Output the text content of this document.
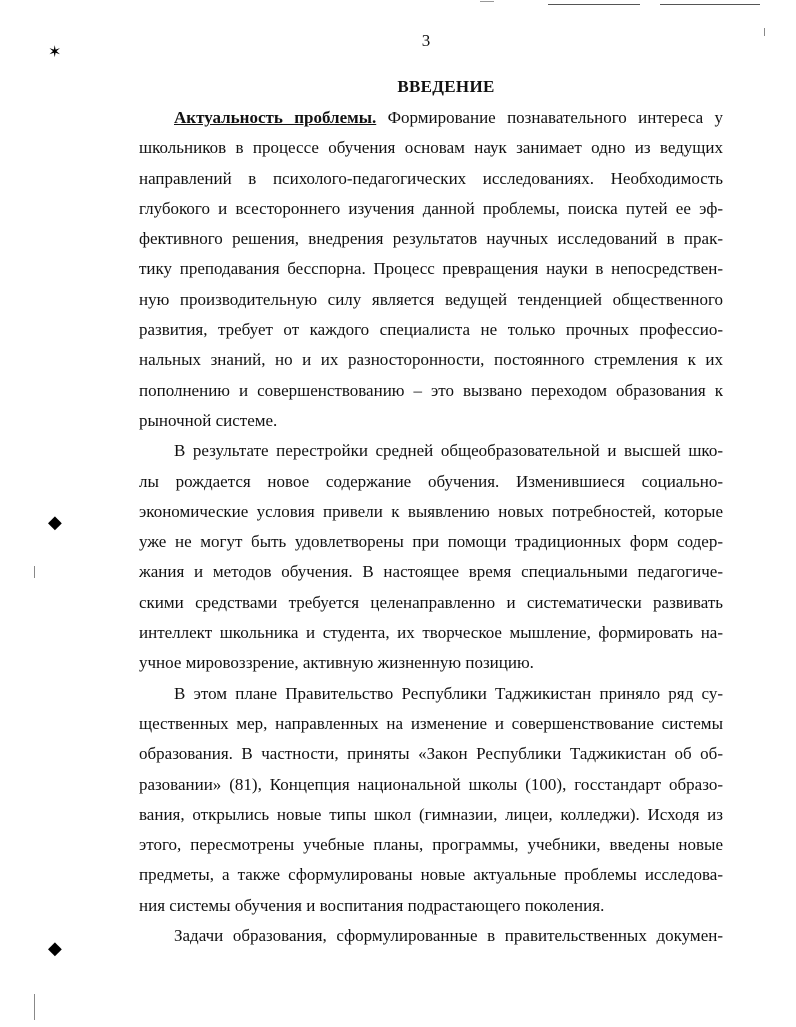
✶
◆
◆
3
ВВЕДЕНИЕ
Актуальность проблемы. Формирование познавательного интереса у
школьников в процессе обучения основам наук занимает одно из ведущих
направлений в психолого-педагогических исследованиях. Необходимость
глубокого и всестороннего изучения данной проблемы, поиска путей ее эф-
фективного решения, внедрения результатов научных исследований в прак-
тику преподавания бесспорна. Процесс превращения науки в непосредствен-
ную производительную силу является ведущей тенденцией общественного
развития, требует от каждого специалиста не только прочных профессио-
нальных знаний, но и их разносторонности, постоянного стремления к их
пополнению и совершенствованию – это вызвано переходом образования к
рыночной системе.
В результате перестройки средней общеобразовательной и высшей шко-
лы рождается новое содержание обучения. Изменившиеся социально-
экономические условия привели к выявлению новых потребностей, которые
уже не могут быть удовлетворены при помощи традиционных форм содер-
жания и методов обучения. В настоящее время специальными педагогиче-
скими средствами требуется целенаправленно и систематически развивать
интеллект школьника и студента, их творческое мышление, формировать на-
учное мировоззрение, активную жизненную позицию.
В этом плане Правительство Республики Таджикистан приняло ряд су-
щественных мер, направленных на изменение и совершенствование системы
образования. В частности, приняты «Закон Республики Таджикистан об об-
разовании» (81), Концепция национальной школы (100), госстандарт образо-
вания, открылись новые типы школ (гимназии, лицеи, колледжи). Исходя из
этого, пересмотрены учебные планы, программы, учебники, введены новые
предметы, а также сформулированы новые актуальные проблемы исследова-
ния системы обучения и воспитания подрастающего поколения.
Задачи образования, сформулированные в правительственных докумен-
